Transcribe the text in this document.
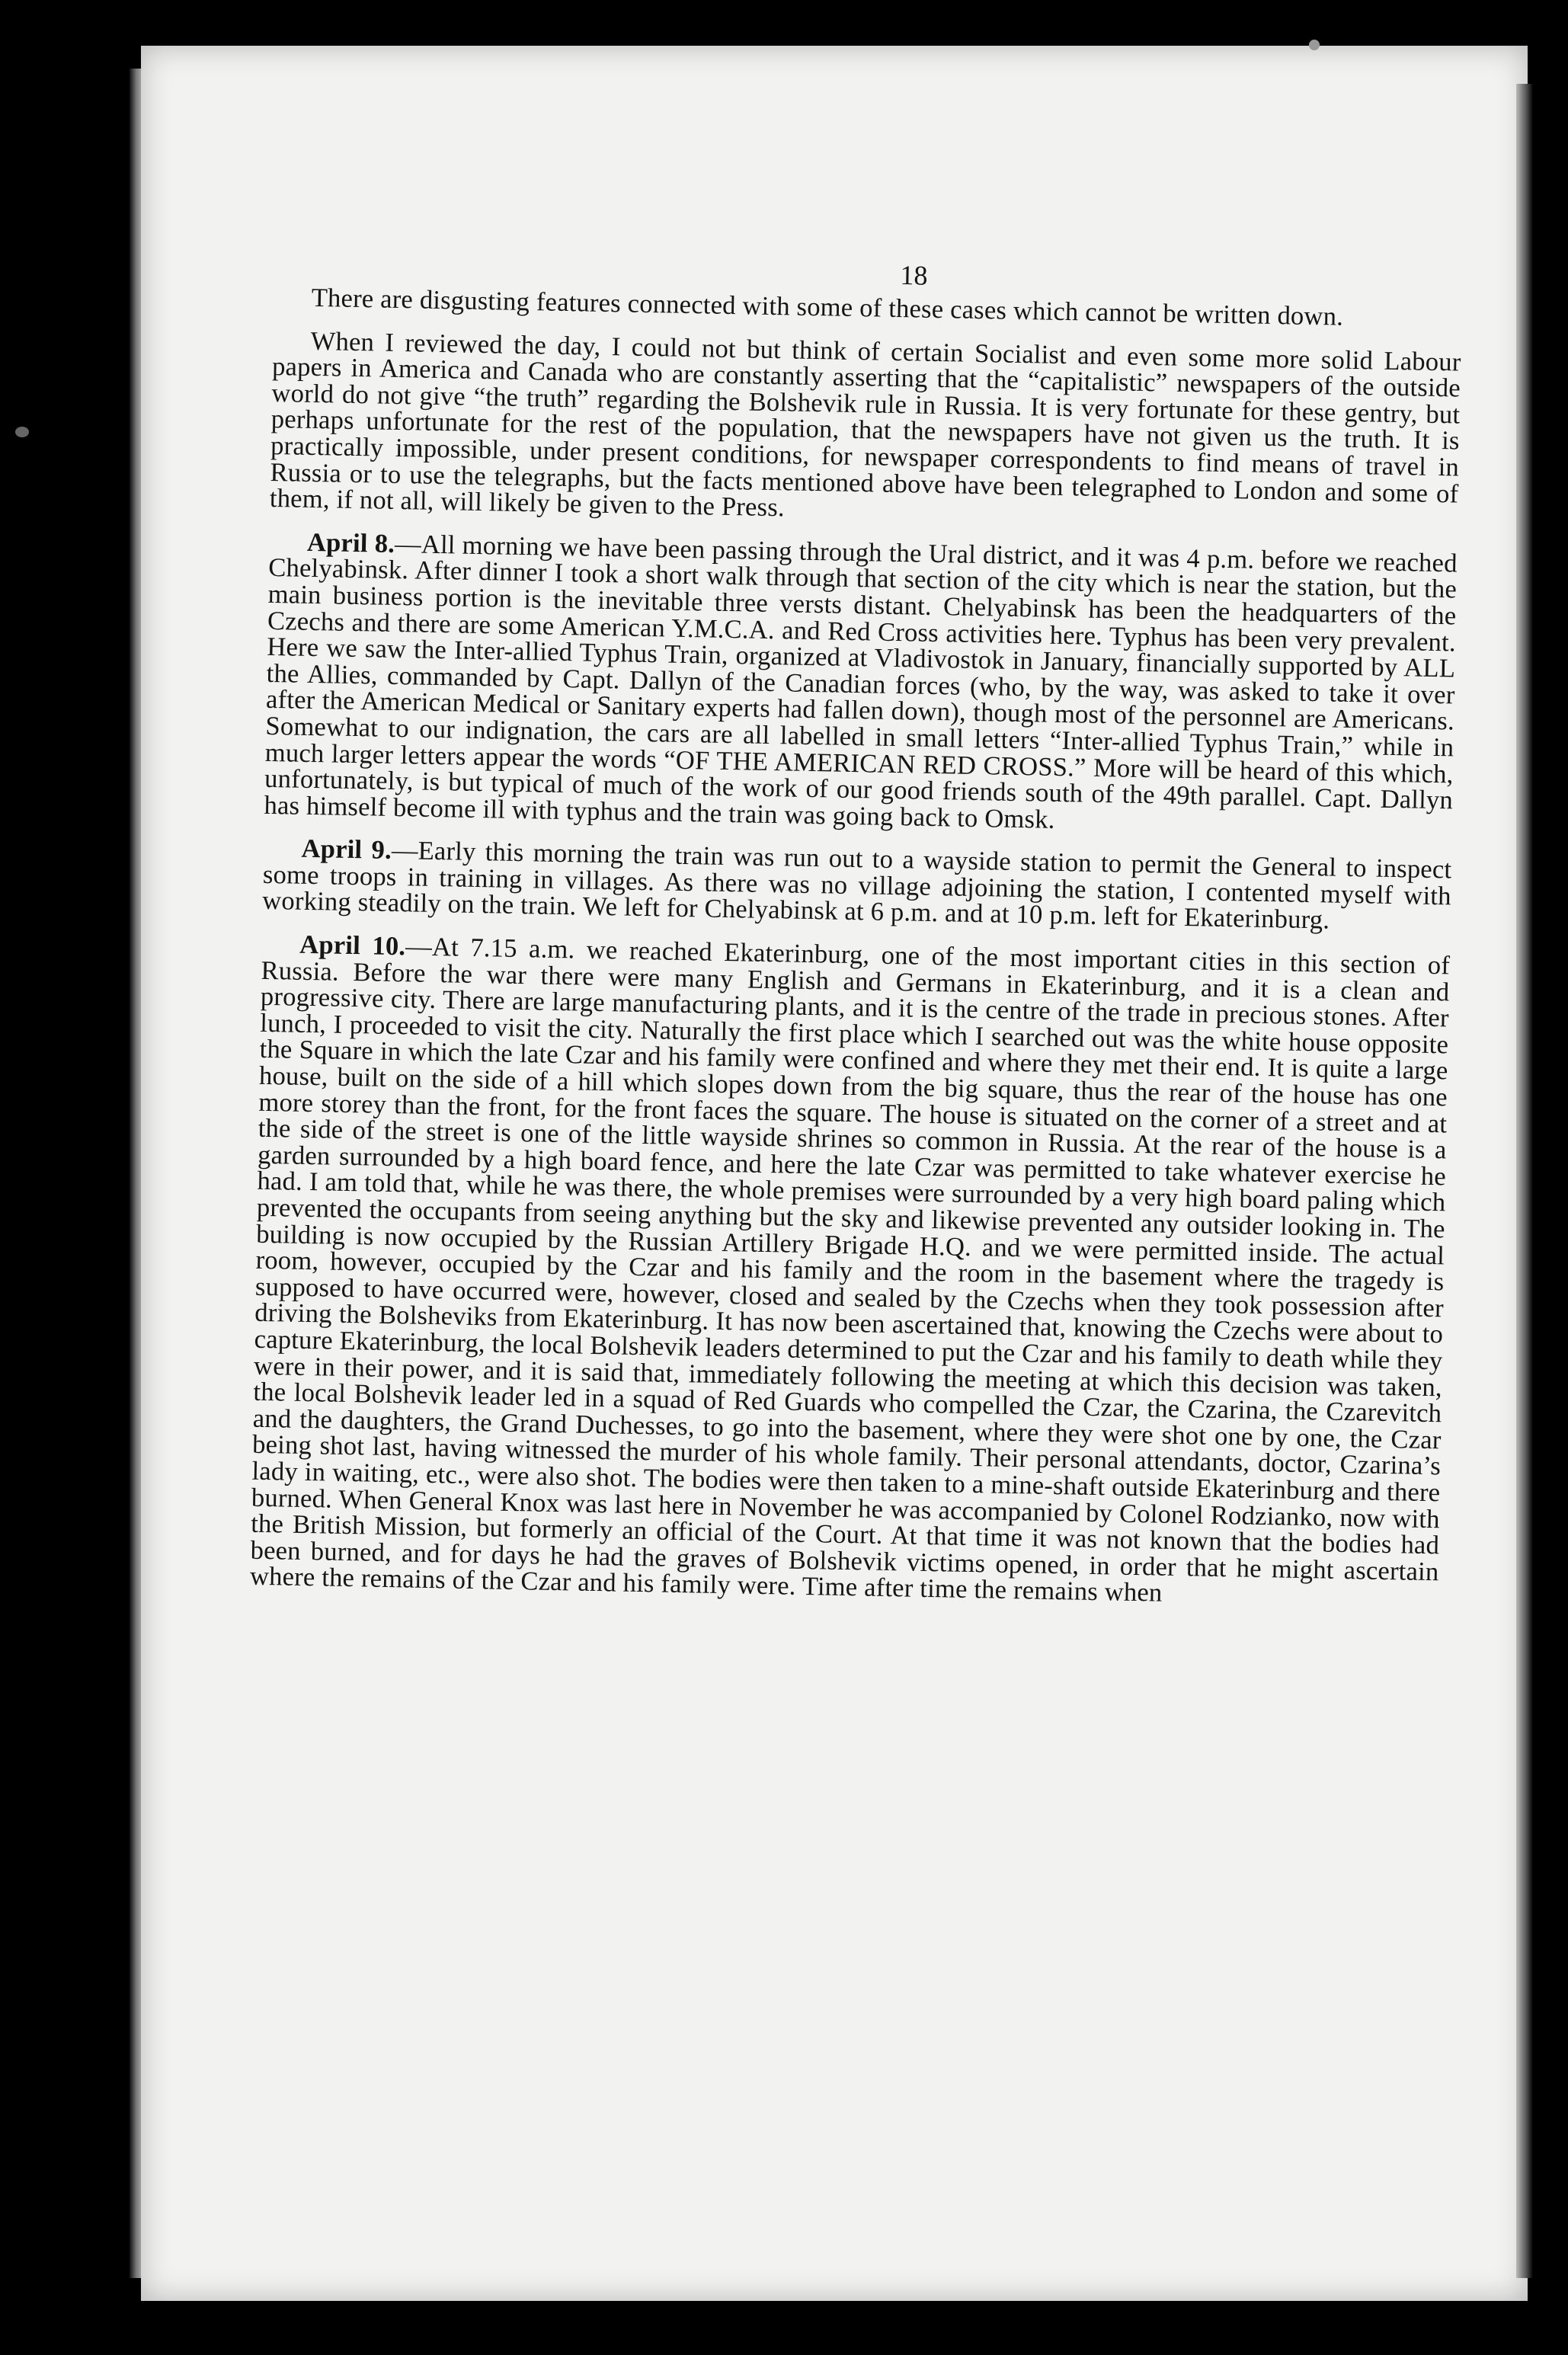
18

There are disgusting features connected with some of these cases which cannot be written down.

When I reviewed the day, I could not but think of certain Socialist and even some more solid Labour papers in America and Canada who are constantly asserting that the “capitalistic” newspapers of the outside world do not give “the truth” regarding the Bolshevik rule in Russia. It is very fortunate for these gentry, but perhaps unfortunate for the rest of the population, that the newspapers have not given us the truth. It is practically impossible, under present conditions, for newspaper correspondents to find means of travel in Russia or to use the telegraphs, but the facts mentioned above have been telegraphed to London and some of them, if not all, will likely be given to the Press.

April 8.—All morning we have been passing through the Ural district, and it was 4 p.m. before we reached Chelyabinsk. After dinner I took a short walk through that section of the city which is near the station, but the main business portion is the inevitable three versts distant. Chelyabinsk has been the headquarters of the Czechs and there are some American Y.M.C.A. and Red Cross activities here. Typhus has been very prevalent. Here we saw the Inter-allied Typhus Train, organized at Vladivostok in January, financially supported by ALL the Allies, commanded by Capt. Dallyn of the Canadian forces (who, by the way, was asked to take it over after the American Medical or Sanitary experts had fallen down), though most of the personnel are Americans. Somewhat to our indignation, the cars are all labelled in small letters “Inter-allied Typhus Train,” while in much larger letters appear the words “OF THE AMERICAN RED CROSS.” More will be heard of this which, unfortunately, is but typical of much of the work of our good friends south of the 49th parallel. Capt. Dallyn has himself become ill with typhus and the train was going back to Omsk.

April 9.—Early this morning the train was run out to a wayside station to permit the General to inspect some troops in training in villages. As there was no village adjoining the station, I contented myself with working steadily on the train. We left for Chelyabinsk at 6 p.m. and at 10 p.m. left for Ekaterinburg.

April 10.—At 7.15 a.m. we reached Ekaterinburg, one of the most important cities in this section of Russia. Before the war there were many English and Germans in Ekaterinburg, and it is a clean and progressive city. There are large manufacturing plants, and it is the centre of the trade in precious stones. After lunch, I proceeded to visit the city. Naturally the first place which I searched out was the white house opposite the Square in which the late Czar and his family were confined and where they met their end. It is quite a large house, built on the side of a hill which slopes down from the big square, thus the rear of the house has one more storey than the front, for the front faces the square. The house is situated on the corner of a street and at the side of the street is one of the little wayside shrines so common in Russia. At the rear of the house is a garden surrounded by a high board fence, and here the late Czar was permitted to take whatever exercise he had. I am told that, while he was there, the whole premises were surrounded by a very high board paling which prevented the occupants from seeing anything but the sky and likewise prevented any outsider looking in. The building is now occupied by the Russian Artillery Brigade H.Q. and we were permitted inside. The actual room, however, occupied by the Czar and his family and the room in the basement where the tragedy is supposed to have occurred were, however, closed and sealed by the Czechs when they took possession after driving the Bolsheviks from Ekaterinburg. It has now been ascertained that, knowing the Czechs were about to capture Ekaterinburg, the local Bolshevik leaders determined to put the Czar and his family to death while they were in their power, and it is said that, immediately following the meeting at which this decision was taken, the local Bolshevik leader led in a squad of Red Guards who compelled the Czar, the Czarina, the Czarevitch and the daughters, the Grand Duchesses, to go into the basement, where they were shot one by one, the Czar being shot last, having witnessed the murder of his whole family. Their personal attendants, doctor, Czarina’s lady in waiting, etc., were also shot. The bodies were then taken to a mine-shaft outside Ekaterinburg and there burned. When General Knox was last here in November he was accompanied by Colonel Rodzianko, now with the British Mission, but formerly an official of the Court. At that time it was not known that the bodies had been burned, and for days he had the graves of Bolshevik victims opened, in order that he might ascertain where the remains of the Czar and his family were. Time after time the remains when
